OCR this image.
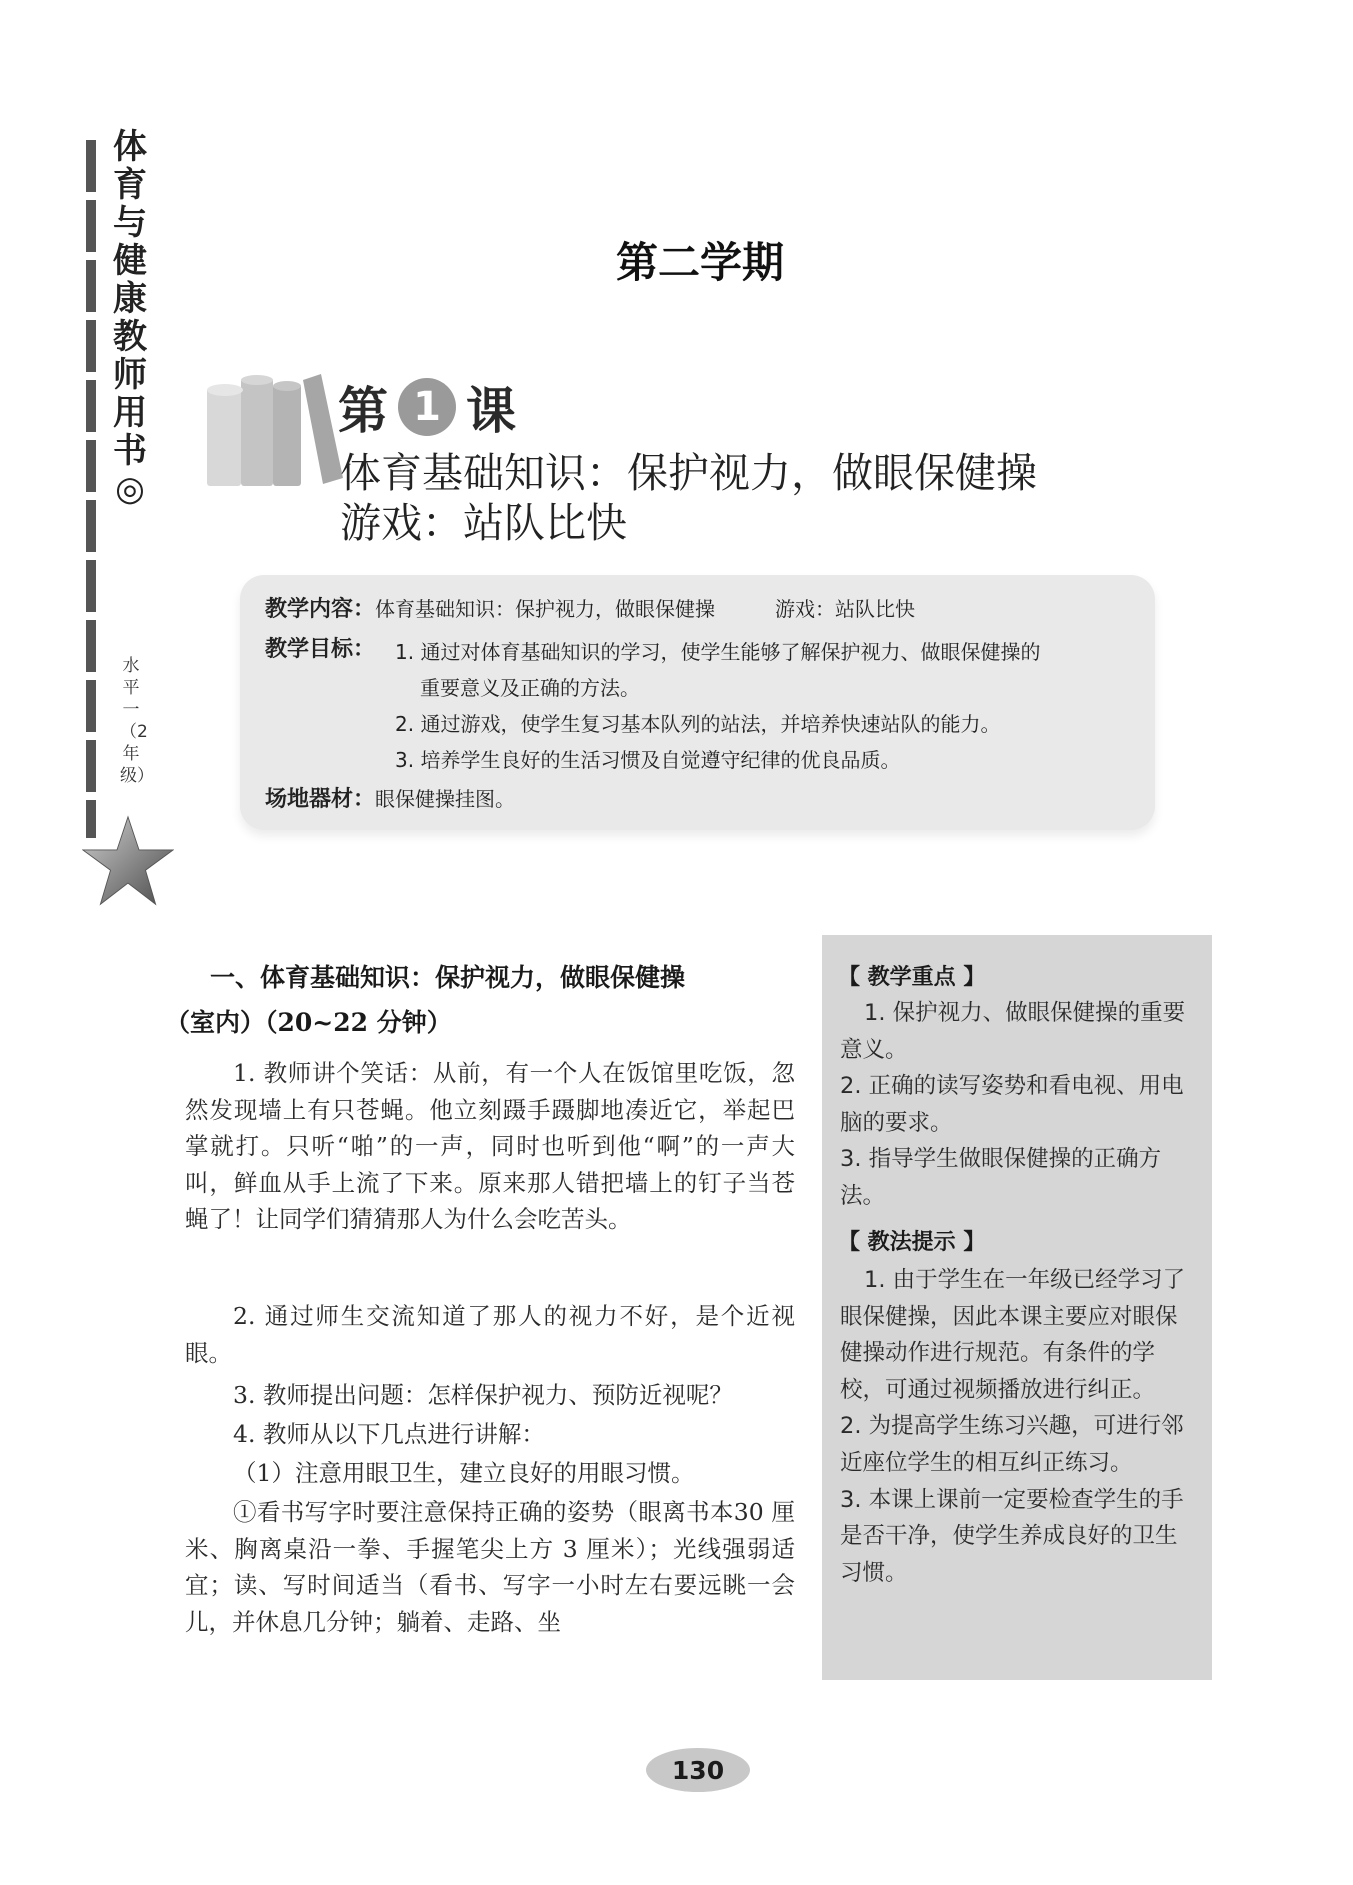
体育与健康教师用书◎
水平一（2年级）
第二学期
第 1 课
体育基础知识：保护视力，做眼保健操
游戏：站队比快
教学内容：体育基础知识：保护视力，做眼保健操　　　游戏：站队比快
教学目标： 1. 通过对体育基础知识的学习，使学生能够了解保护视力、做眼保健操的
重要意义及正确的方法。
2. 通过游戏，使学生复习基本队列的站法，并培养快速站队的能力。
3. 培养学生良好的生活习惯及自觉遵守纪律的优良品质。
场地器材：眼保健操挂图。
一、体育基础知识：保护视力，做眼保健操
（室内）（20~22 分钟）
1. 教师讲个笑话：从前，有一个人在饭馆里吃饭，忽然发现墙上有只苍蝇。他立刻蹑手蹑脚地凑近它，举起巴掌就打。只听“啪”的一声，同时也听到他“啊”的一声大叫，鲜血从手上流了下来。原来那人错把墙上的钉子当苍蝇了！让同学们猜猜那人为什么会吃苦头。
2. 通过师生交流知道了那人的视力不好，是个近视眼。
3. 教师提出问题：怎样保护视力、预防近视呢？
4. 教师从以下几点进行讲解：
（1）注意用眼卫生，建立良好的用眼习惯。
①看书写字时要注意保持正确的姿势（眼离书本30 厘米、胸离桌沿一拳、手握笔尖上方 3 厘米）；光线强弱适宜；读、写时间适当（看书、写字一小时左右要远眺一会儿，并休息几分钟；躺着、走路、坐
【 教学重点 】
1. 保护视力、做眼保健操的重要意义。
2. 正确的读写姿势和看电视、用电脑的要求。
3. 指导学生做眼保健操的正确方法。
【 教法提示 】
1. 由于学生在一年级已经学习了眼保健操，因此本课主要应对眼保健操动作进行规范。有条件的学校，可通过视频播放进行纠正。
2. 为提高学生练习兴趣，可进行邻近座位学生的相互纠正练习。
3. 本课上课前一定要检查学生的手是否干净，使学生养成良好的卫生习惯。
130
